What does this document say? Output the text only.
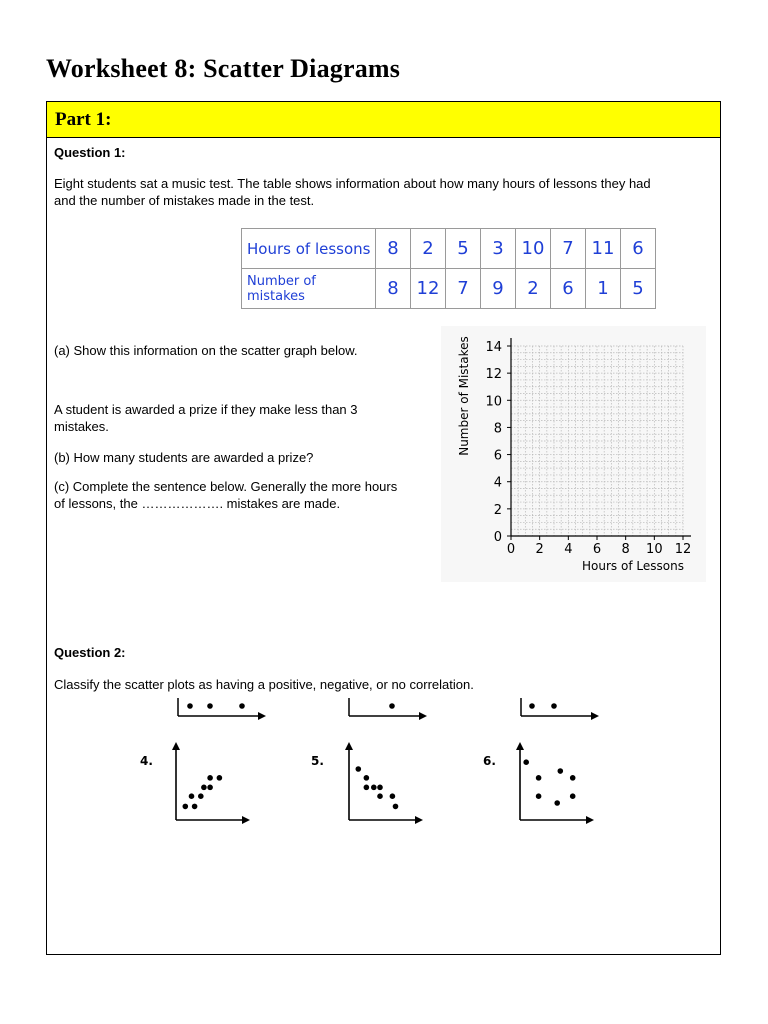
Worksheet 8: Scatter Diagrams
Part 1:
Question 1:
Eight students sat a music test. The table shows information about how many hours of lessons they had
and the number of mistakes made in the test.
Hours of lessons	8	2	5	3	10	7	11	6
Number of mistakes	8	12	7	9	2	6	1	5
(a) Show this information on the scatter graph below.
A student is awarded a prize if they make less than 3
mistakes.
(b) How many students are awarded a prize?
(c) Complete the sentence below. Generally the more hours
of lessons, the ………………. mistakes are made.
0 2 4 6 8 10 12
0
2
4
6
8
10
12
14
Hours of Lessons
Number of Mistakes
Question 2:
Classify the scatter plots as having a positive, negative, or no correlation.
4.	5.	6.
